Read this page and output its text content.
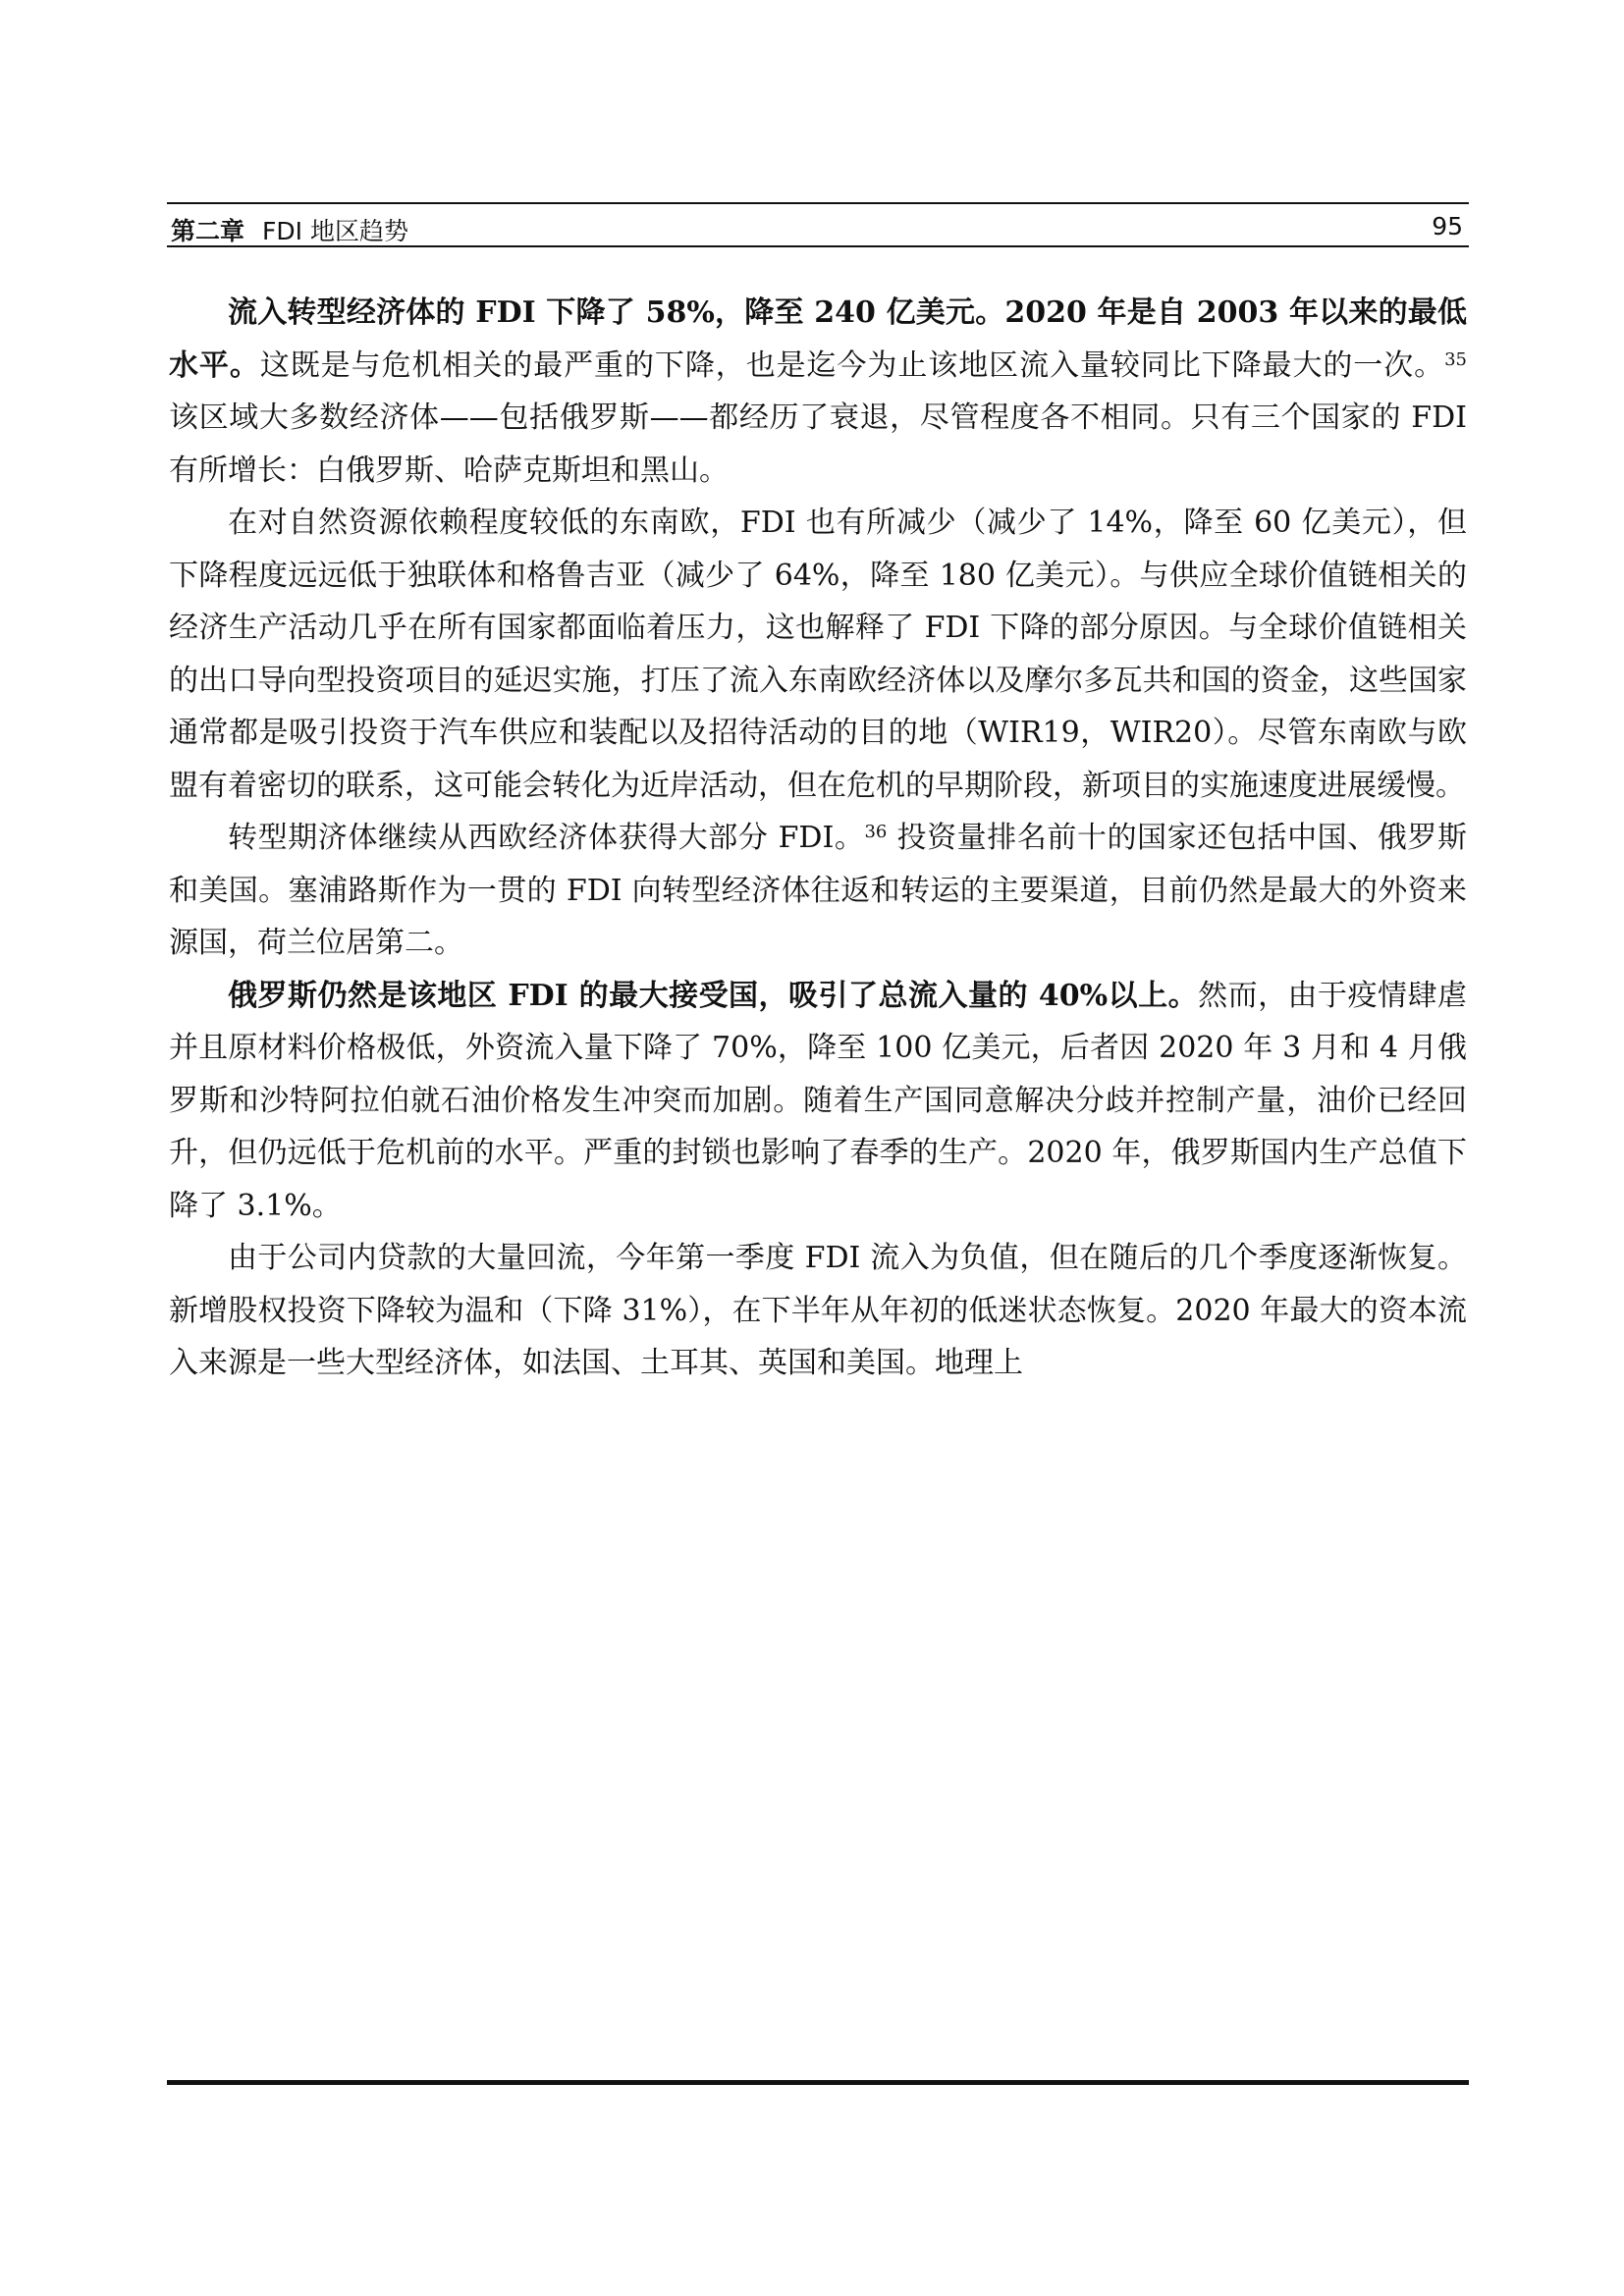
第二章 FDI 地区趋势	95

流入转型经济体的 FDI 下降了 58%，降至 240 亿美元。2020 年是自 2003 年以来的最低水平。这既是与危机相关的最严重的下降，也是迄今为止该地区流入量较同比下降最大的一次。$^{35}$ 该区域大多数经济体——包括俄罗斯——都经历了衰退，尽管程度各不相同。只有三个国家的 FDI 有所增长：白俄罗斯、哈萨克斯坦和黑山。

在对自然资源依赖程度较低的东南欧，FDI 也有所减少（减少了 14%，降至 60 亿美元），但下降程度远远低于独联体和格鲁吉亚（减少了 64%，降至 180 亿美元）。与供应全球价值链相关的经济生产活动几乎在所有国家都面临着压力，这也解释了 FDI 下降的部分原因。与全球价值链相关的出口导向型投资项目的延迟实施，打压了流入东南欧经济体以及摩尔多瓦共和国的资金，这些国家通常都是吸引投资于汽车供应和装配以及招待活动的目的地（WIR19，WIR20）。尽管东南欧与欧盟有着密切的联系，这可能会转化为近岸活动，但在危机的早期阶段，新项目的实施速度进展缓慢。

转型期济体继续从西欧经济体获得大部分 FDI。$^{36}$ 投资量排名前十的国家还包括中国、俄罗斯和美国。塞浦路斯作为一贯的 FDI 向转型经济体往返和转运的主要渠道，目前仍然是最大的外资来源国，荷兰位居第二。

俄罗斯仍然是该地区 FDI 的最大接受国，吸引了总流入量的 40%以上。然而，由于疫情肆虐并且原材料价格极低，外资流入量下降了 70%，降至 100 亿美元，后者因 2020 年 3 月和 4 月俄罗斯和沙特阿拉伯就石油价格发生冲突而加剧。随着生产国同意解决分歧并控制产量，油价已经回升，但仍远低于危机前的水平。严重的封锁也影响了春季的生产。2020 年，俄罗斯国内生产总值下降了 3.1%。

由于公司内贷款的大量回流，今年第一季度 FDI 流入为负值，但在随后的几个季度逐渐恢复。新增股权投资下降较为温和（下降 31%），在下半年从年初的低迷状态恢复。2020 年最大的资本流入来源是一些大型经济体，如法国、土耳其、英国和美国。地理上
